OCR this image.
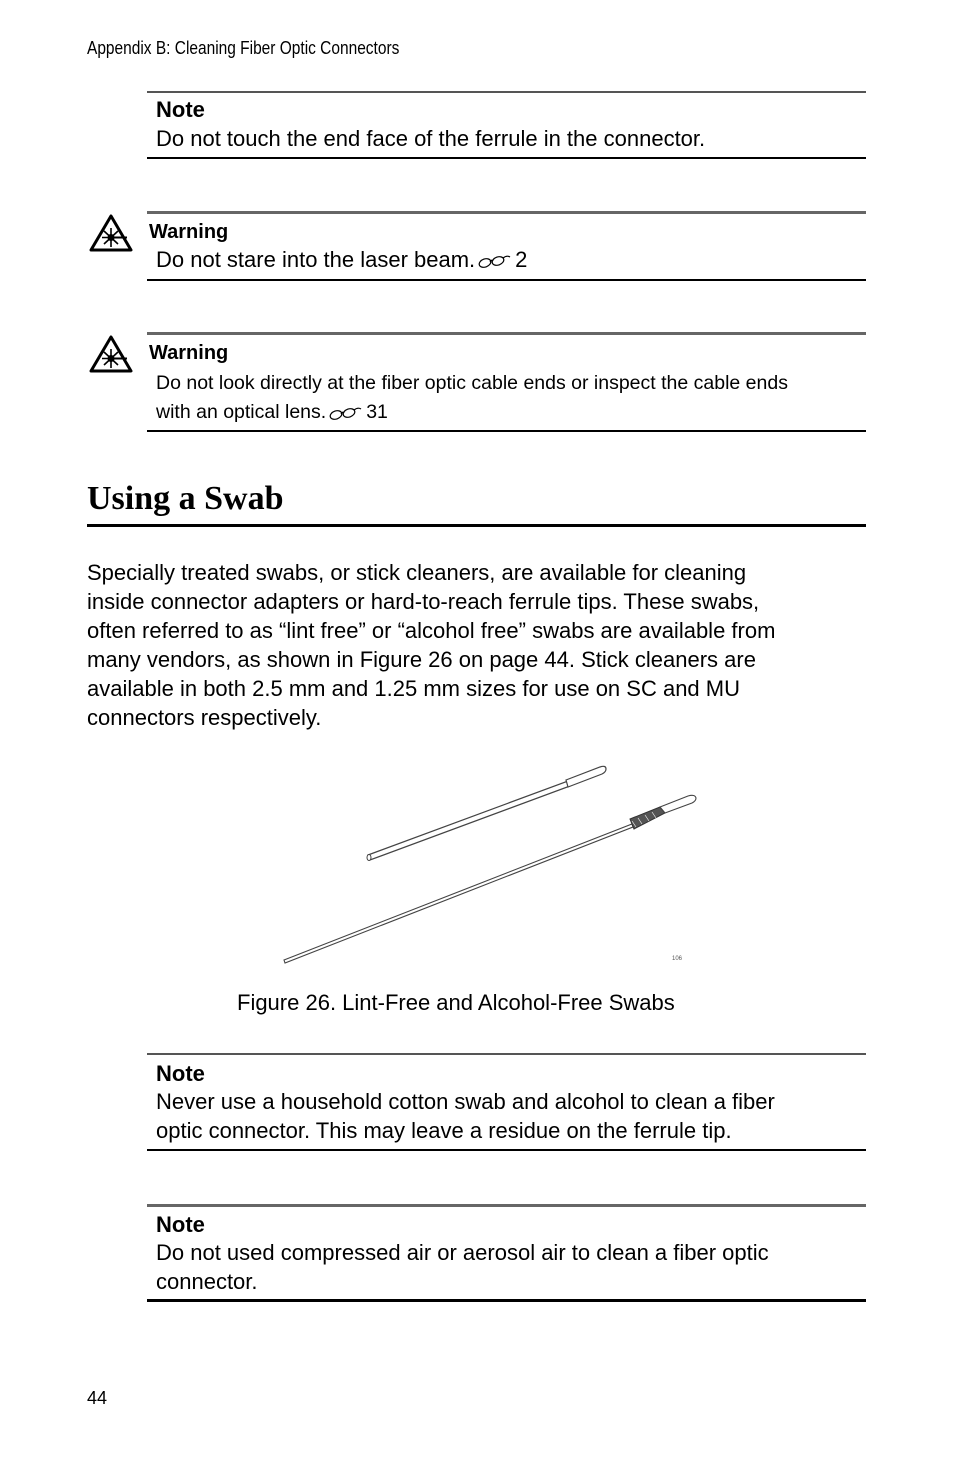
Appendix B: Cleaning Fiber Optic Connectors
Note
Do not touch the end face of the ferrule in the connector.
Warning
Do not stare into the laser beam. 2
Warning
Do not look directly at the fiber optic cable ends or inspect the cable ends
with an optical lens. 31
Using a Swab
Specially treated swabs, or stick cleaners, are available for cleaning
inside connector adapters or hard-to-reach ferrule tips. These swabs,
often referred to as “lint free” or “alcohol free” swabs are available from
many vendors, as shown in Figure 26 on page 44. Stick cleaners are
available in both 2.5 mm and 1.25 mm sizes for use on SC and MU
connectors respectively.
106
Figure 26. Lint-Free and Alcohol-Free Swabs
Note
Never use a household cotton swab and alcohol to clean a fiber
optic connector. This may leave a residue on the ferrule tip.
Note
Do not used compressed air or aerosol air to clean a fiber optic
connector.
44
